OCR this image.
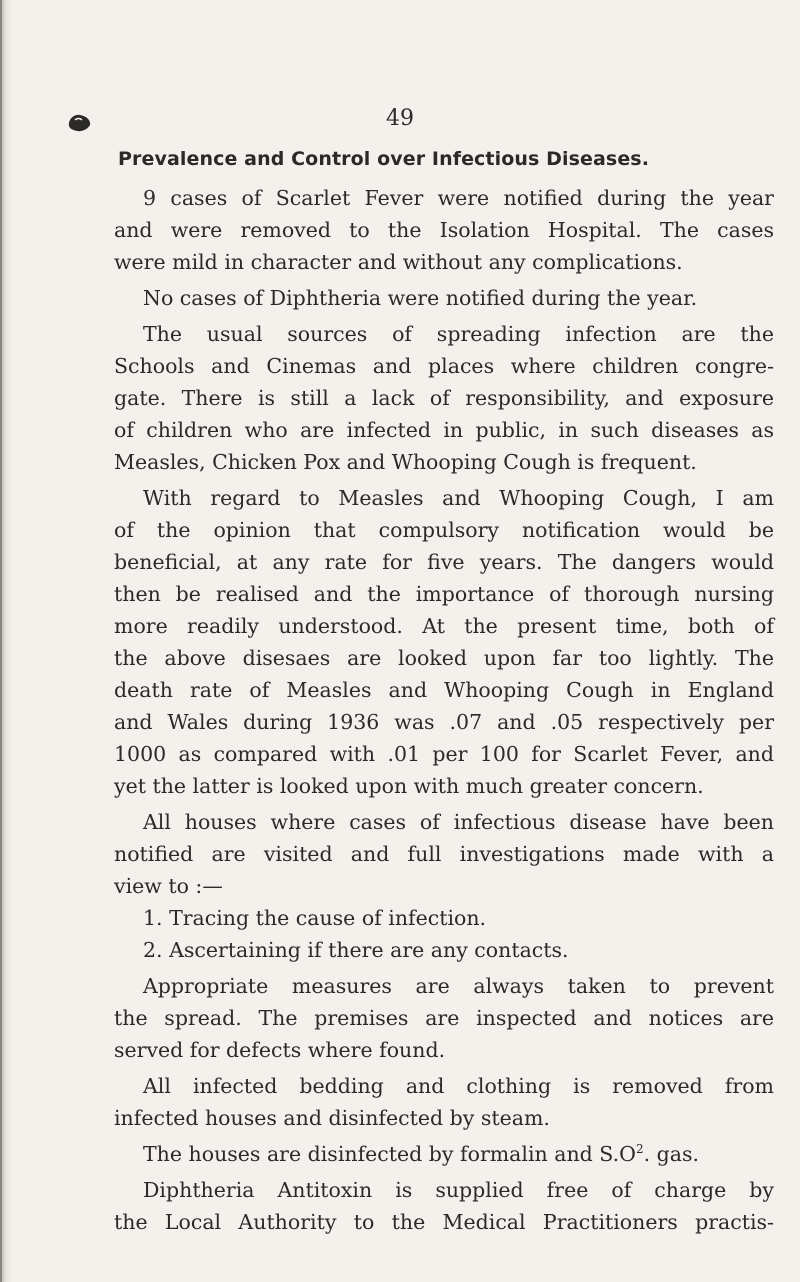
49
Prevalence and Control over Infectious Diseases.
9 cases of Scarlet Fever were notified during the year
and were removed to the Isolation Hospital. The cases
were mild in character and without any complications.
No cases of Diphtheria were notified during the year.
The usual sources of spreading infection are the
Schools and Cinemas and places where children congre-
gate. There is still a lack of responsibility, and exposure
of children who are infected in public, in such diseases as
Measles, Chicken Pox and Whooping Cough is frequent.
With regard to Measles and Whooping Cough, I am
of the opinion that compulsory notification would be
beneficial, at any rate for five years. The dangers would
then be realised and the importance of thorough nursing
more readily understood. At the present time, both of
the above disesaes are looked upon far too lightly. The
death rate of Measles and Whooping Cough in England
and Wales during 1936 was .07 and .05 respectively per
1000 as compared with .01 per 100 for Scarlet Fever, and
yet the latter is looked upon with much greater concern.
All houses where cases of infectious disease have been
notified are visited and full investigations made with a
view to :—
1. Tracing the cause of infection.
2. Ascertaining if there are any contacts.
Appropriate measures are always taken to prevent
the spread. The premises are inspected and notices are
served for defects where found.
All infected bedding and clothing is removed from
infected houses and disinfected by steam.
The houses are disinfected by formalin and $S.O^2$. gas.
Diphtheria Antitoxin is supplied free of charge by
the Local Authority to the Medical Practitioners practis-
